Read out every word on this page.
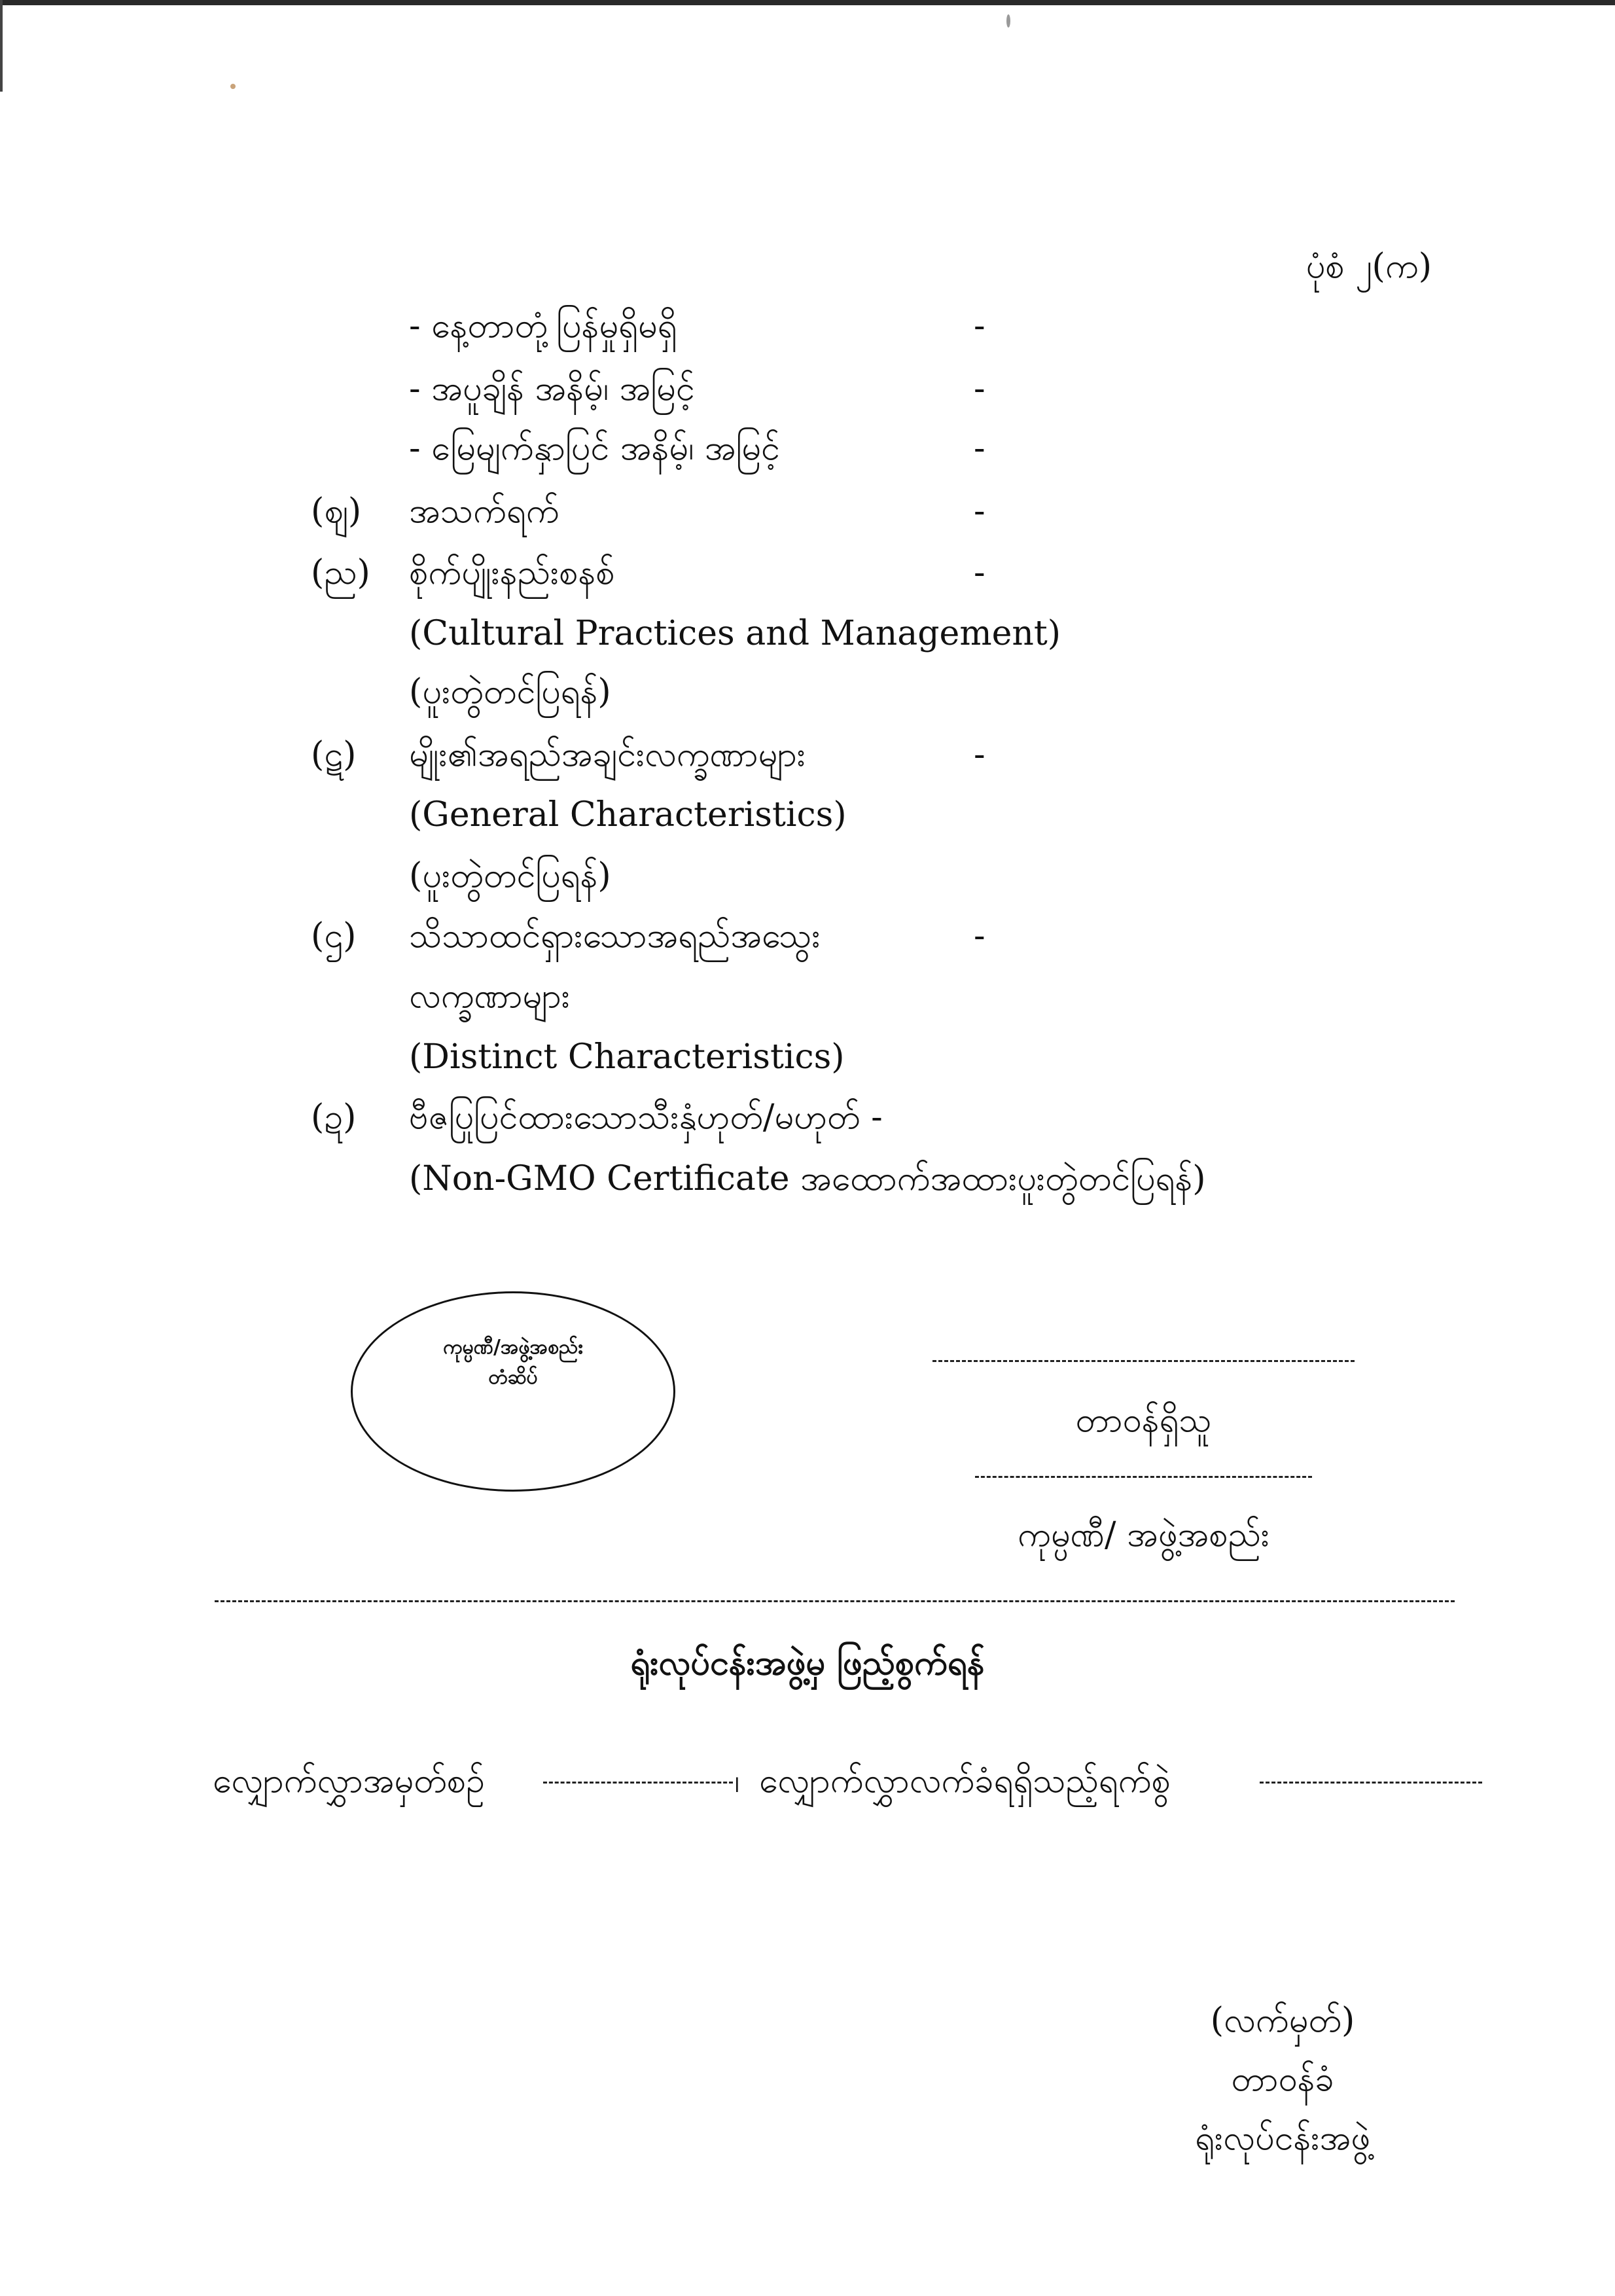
ပုံစံ ၂(က)
- နေ့တာတုံ့ပြန်မှုရှိမရှိ	-
- အပူချိန် အနိမ့်၊ အမြင့်	-
- မြေမျက်နှာပြင် အနိမ့်၊ အမြင့်	-
(ဈ) အသက်ရက်	-
(ည) စိုက်ပျိုးနည်းစနစ်	-
(Cultural Practices and Management)
(ပူးတွဲတင်ပြရန်)
(ဋ) မျိုး၏အရည်အချင်းလက္ခဏာများ	-
(General Characteristics)
(ပူးတွဲတင်ပြရန်)
(ဌ) သိသာထင်ရှားသောအရည်အသွေး	-
လက္ခဏာများ
(Distinct Characteristics)
(ဍ) ဗီဇပြုပြင်ထားသောသီးနှံဟုတ်/မဟုတ် -
(Non-GMO Certificate အထောက်အထားပူးတွဲတင်ပြရန်)
ကုမ္ပဏီ/အဖွဲ့အစည်း
တံဆိပ်
တာဝန်ရှိသူ
ကုမ္ပဏီ/ အဖွဲ့အစည်း
ရုံးလုပ်ငန်းအဖွဲ့မှ ဖြည့်စွက်ရန်
လျှောက်လွှာအမှတ်စဉ်	၊ လျှောက်လွှာလက်ခံရရှိသည့်ရက်စွဲ
(လက်မှတ်)
တာဝန်ခံ
ရုံးလုပ်ငန်းအဖွဲ့
